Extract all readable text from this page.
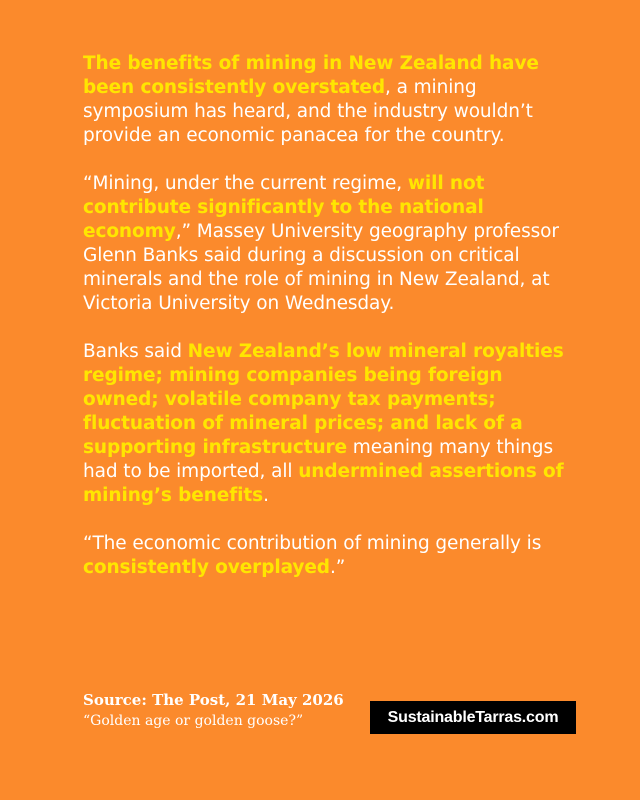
The benefits of mining in New Zealand have been consistently overstated, a mining symposium has heard, and the industry wouldn’t provide an economic panacea for the country.

“Mining, under the current regime, will not contribute significantly to the national economy,” Massey University geography professor Glenn Banks said during a discussion on critical minerals and the role of mining in New Zealand, at Victoria University on Wednesday.

Banks said New Zealand’s low mineral royalties regime; mining companies being foreign owned; volatile company tax payments; fluctuation of mineral prices; and lack of a supporting infrastructure meaning many things had to be imported, all undermined assertions of mining’s benefits.

“The economic contribution of mining generally is consistently overplayed.”

Source: The Post, 21 May 2026
“Golden age or golden goose?”	SustainableTarras.com
